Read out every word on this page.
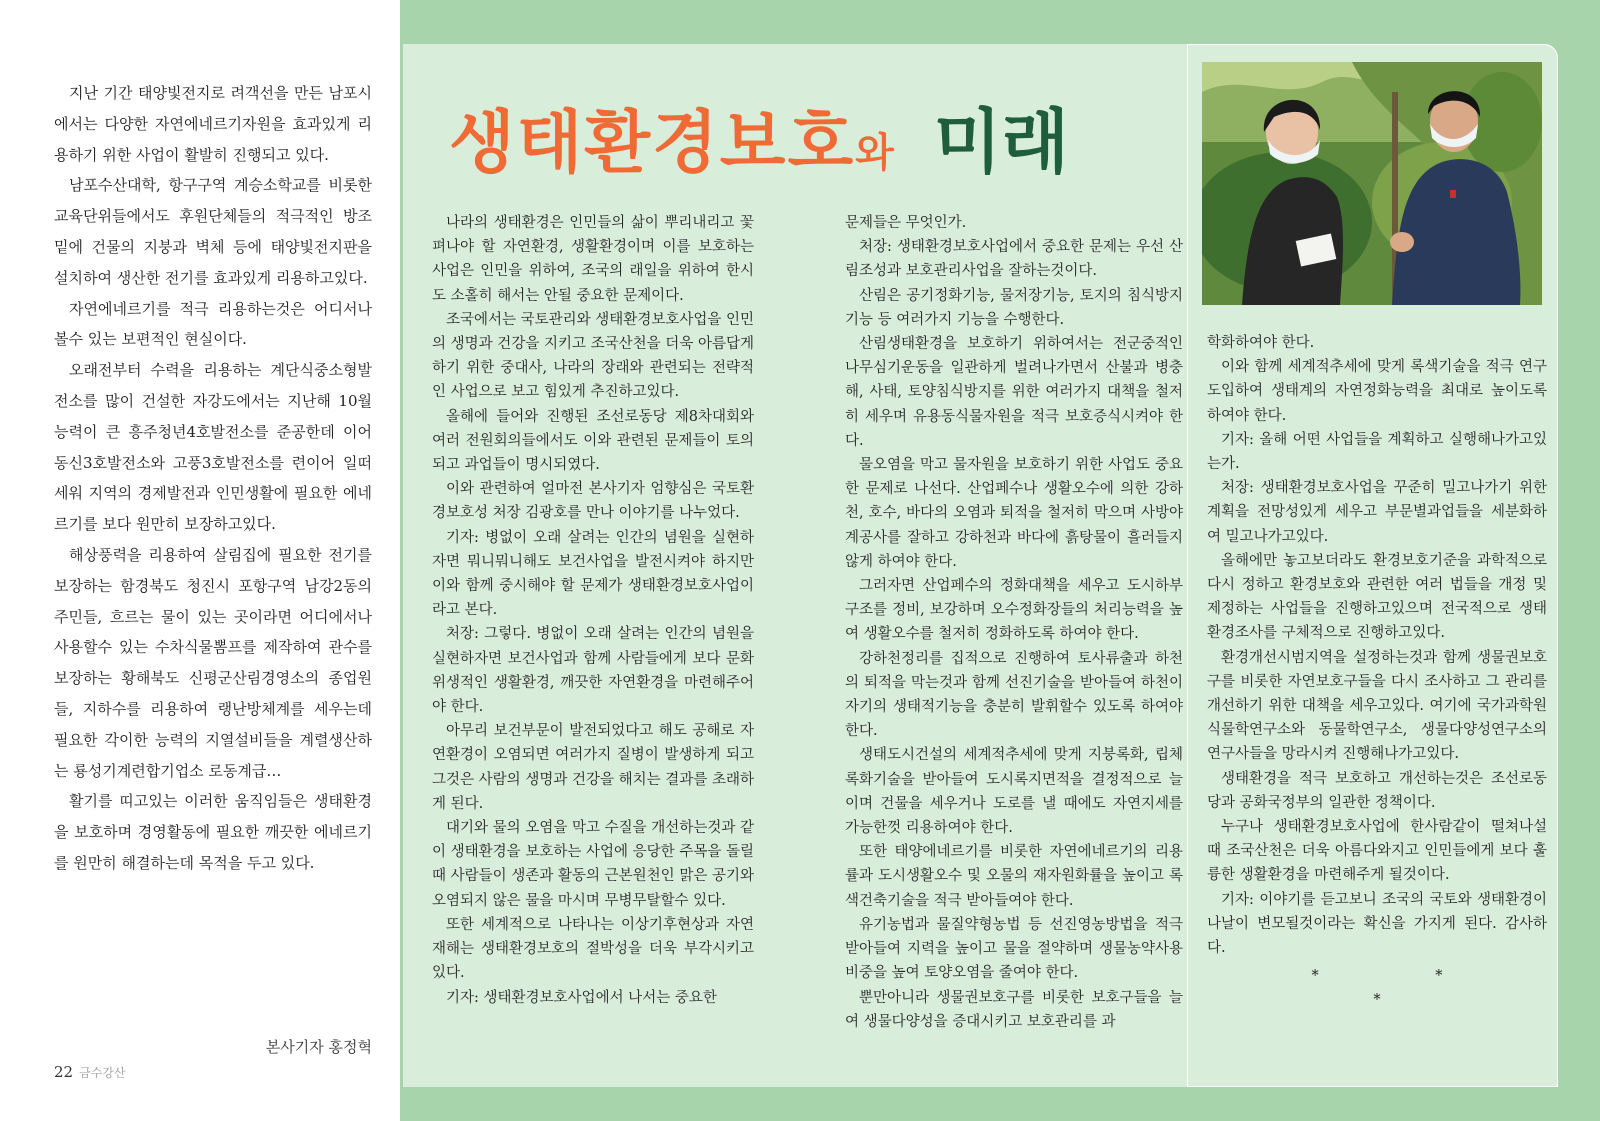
지난 기간 태양빛전지로 려객선을 만든 남포시에서는 다양한 자연에네르기자원을 효과있게 리용하기 위한 사업이 활발히 진행되고 있다.

남포수산대학, 항구구역 계승소학교를 비롯한 교육단위들에서도 후원단체들의 적극적인 방조밑에 건물의 지붕과 벽체 등에 태양빛전지판을 설치하여 생산한 전기를 효과있게 리용하고있다.

자연에네르기를 적극 리용하는것은 어디서나 볼수 있는 보편적인 현실이다.

오래전부터 수력을 리용하는 계단식중소형발전소를 많이 건설한 자강도에서는 지난해 10월 능력이 큰 흥주청년4호발전소를 준공한데 이어 동신3호발전소와 고풍3호발전소를 련이어 일떠세워 지역의 경제발전과 인민생활에 필요한 에네르기를 보다 원만히 보장하고있다.

해상풍력을 리용하여 살림집에 필요한 전기를 보장하는 함경북도 청진시 포항구역 남강2동의 주민들, 흐르는 물이 있는 곳이라면 어디에서나 사용할수 있는 수차식물뽐프를 제작하여 관수를 보장하는 황해북도 신평군산림경영소의 종업원들, 지하수를 리용하여 랭난방체계를 세우는데 필요한 각이한 능력의 지열설비들을 계렬생산하는 룡성기계련합기업소 로동계급…

활기를 띠고있는 이러한 움직임들은 생태환경을 보호하며 경영활동에 필요한 깨끗한 에네르기를 원만히 해결하는데 목적을 두고 있다.

본사기자 홍정혁
22 금수강산
생태환경보호와 미래

나라의 생태환경은 인민들의 삶이 뿌리내리고 꽃펴나야 할 자연환경, 생활환경이며 이를 보호하는 사업은 인민을 위하여, 조국의 래일을 위하여 한시도 소홀히 해서는 안될 중요한 문제이다.

조국에서는 국토관리와 생태환경보호사업을 인민의 생명과 건강을 지키고 조국산천을 더욱 아름답게 하기 위한 중대사, 나라의 장래와 관련되는 전략적인 사업으로 보고 힘있게 추진하고있다.

올해에 들어와 진행된 조선로동당 제8차대회와 여러 전원회의들에서도 이와 관련된 문제들이 토의되고 과업들이 명시되였다.

이와 관련하여 얼마전 본사기자 엄향심은 국토환경보호성 처장 김광호를 만나 이야기를 나누었다.

기자: 병없이 오래 살려는 인간의 념원을 실현하자면 뭐니뭐니해도 보건사업을 발전시켜야 하지만 이와 함께 중시해야 할 문제가 생태환경보호사업이라고 본다.

처장: 그렇다. 병없이 오래 살려는 인간의 념원을 실현하자면 보건사업과 함께 사람들에게 보다 문화위생적인 생활환경, 깨끗한 자연환경을 마련해주어야 한다.

아무리 보건부문이 발전되었다고 해도 공해로 자연환경이 오염되면 여러가지 질병이 발생하게 되고 그것은 사람의 생명과 건강을 해치는 결과를 초래하게 된다.

대기와 물의 오염을 막고 수질을 개선하는것과 같이 생태환경을 보호하는 사업에 응당한 주목을 돌릴 때 사람들이 생존과 활동의 근본원천인 맑은 공기와 오염되지 않은 물을 마시며 무병무탈할수 있다.

또한 세계적으로 나타나는 이상기후현상과 자연재해는 생태환경보호의 절박성을 더욱 부각시키고있다.

기자: 생태환경보호사업에서 나서는 중요한

문제들은 무엇인가.

처장: 생태환경보호사업에서 중요한 문제는 우선 산림조성과 보호관리사업을 잘하는것이다.

산림은 공기정화기능, 물저장기능, 토지의 침식방지기능 등 여러가지 기능을 수행한다.

산림생태환경을 보호하기 위하여서는 전군중적인 나무심기운동을 일관하게 벌려나가면서 산불과 병충해, 사태, 토양침식방지를 위한 여러가지 대책을 철저히 세우며 유용동식물자원을 적극 보호증식시켜야 한다.

물오염을 막고 물자원을 보호하기 위한 사업도 중요한 문제로 나선다. 산업페수나 생활오수에 의한 강하천, 호수, 바다의 오염과 퇴적을 철저히 막으며 사방야계공사를 잘하고 강하천과 바다에 흙탕물이 흘러들지 않게 하여야 한다.

그러자면 산업페수의 정화대책을 세우고 도시하부구조를 정비, 보강하며 오수정화장들의 처리능력을 높여 생활오수를 철저히 정화하도록 하여야 한다.

강하천정리를 집적으로 진행하여 토사류출과 하천의 퇴적을 막는것과 함께 선진기술을 받아들여 하천이 자기의 생태적기능을 충분히 발휘할수 있도록 하여야 한다.

생태도시건설의 세계적추세에 맞게 지붕록화, 립체록화기술을 받아들여 도시록지면적을 결정적으로 늘이며 건물을 세우거나 도로를 낼 때에도 자연지세를 가능한껏 리용하여야 한다.

또한 태양에네르기를 비롯한 자연에네르기의 리용률과 도시생활오수 및 오물의 재자원화률을 높이고 록색건축기술을 적극 받아들여야 한다.

유기농법과 물질약형농법 등 선진영농방법을 적극 받아들여 지력을 높이고 물을 절약하며 생물농약사용비중을 높여 토양오염을 줄여야 한다.

뿐만아니라 생물권보호구를 비롯한 보호구들을 늘여 생물다양성을 증대시키고 보호관리를 과

학화하여야 한다.

이와 함께 세계적추세에 맞게 록색기술을 적극 연구도입하여 생태계의 자연정화능력을 최대로 높이도록 하여야 한다.

기자: 올해 어떤 사업들을 계획하고 실행해나가고있는가.

처장: 생태환경보호사업을 꾸준히 밀고나가기 위한 계획을 전망성있게 세우고 부문별과업들을 세분화하여 밀고나가고있다.

올해에만 놓고보더라도 환경보호기준을 과학적으로 다시 정하고 환경보호와 관련한 여러 법들을 개정 및 제정하는 사업들을 진행하고있으며 전국적으로 생태환경조사를 구체적으로 진행하고있다.

환경개선시범지역을 설정하는것과 함께 생물권보호구를 비롯한 자연보호구들을 다시 조사하고 그 관리를 개선하기 위한 대책을 세우고있다. 여기에 국가과학원 식물학연구소와 동물학연구소, 생물다양성연구소의 연구사들을 망라시켜 진행해나가고있다.

생태환경을 적극 보호하고 개선하는것은 조선로동당과 공화국정부의 일관한 정책이다.

누구나 생태환경보호사업에 한사람같이 떨쳐나설 때 조국산천은 더욱 아름다와지고 인민들에게 보다 훌륭한 생활환경을 마련해주게 될것이다.

기자: 이야기를 듣고보니 조국의 국토와 생태환경이 나날이 변모될것이라는 확신을 가지게 된다. 감사하다.

* * *
